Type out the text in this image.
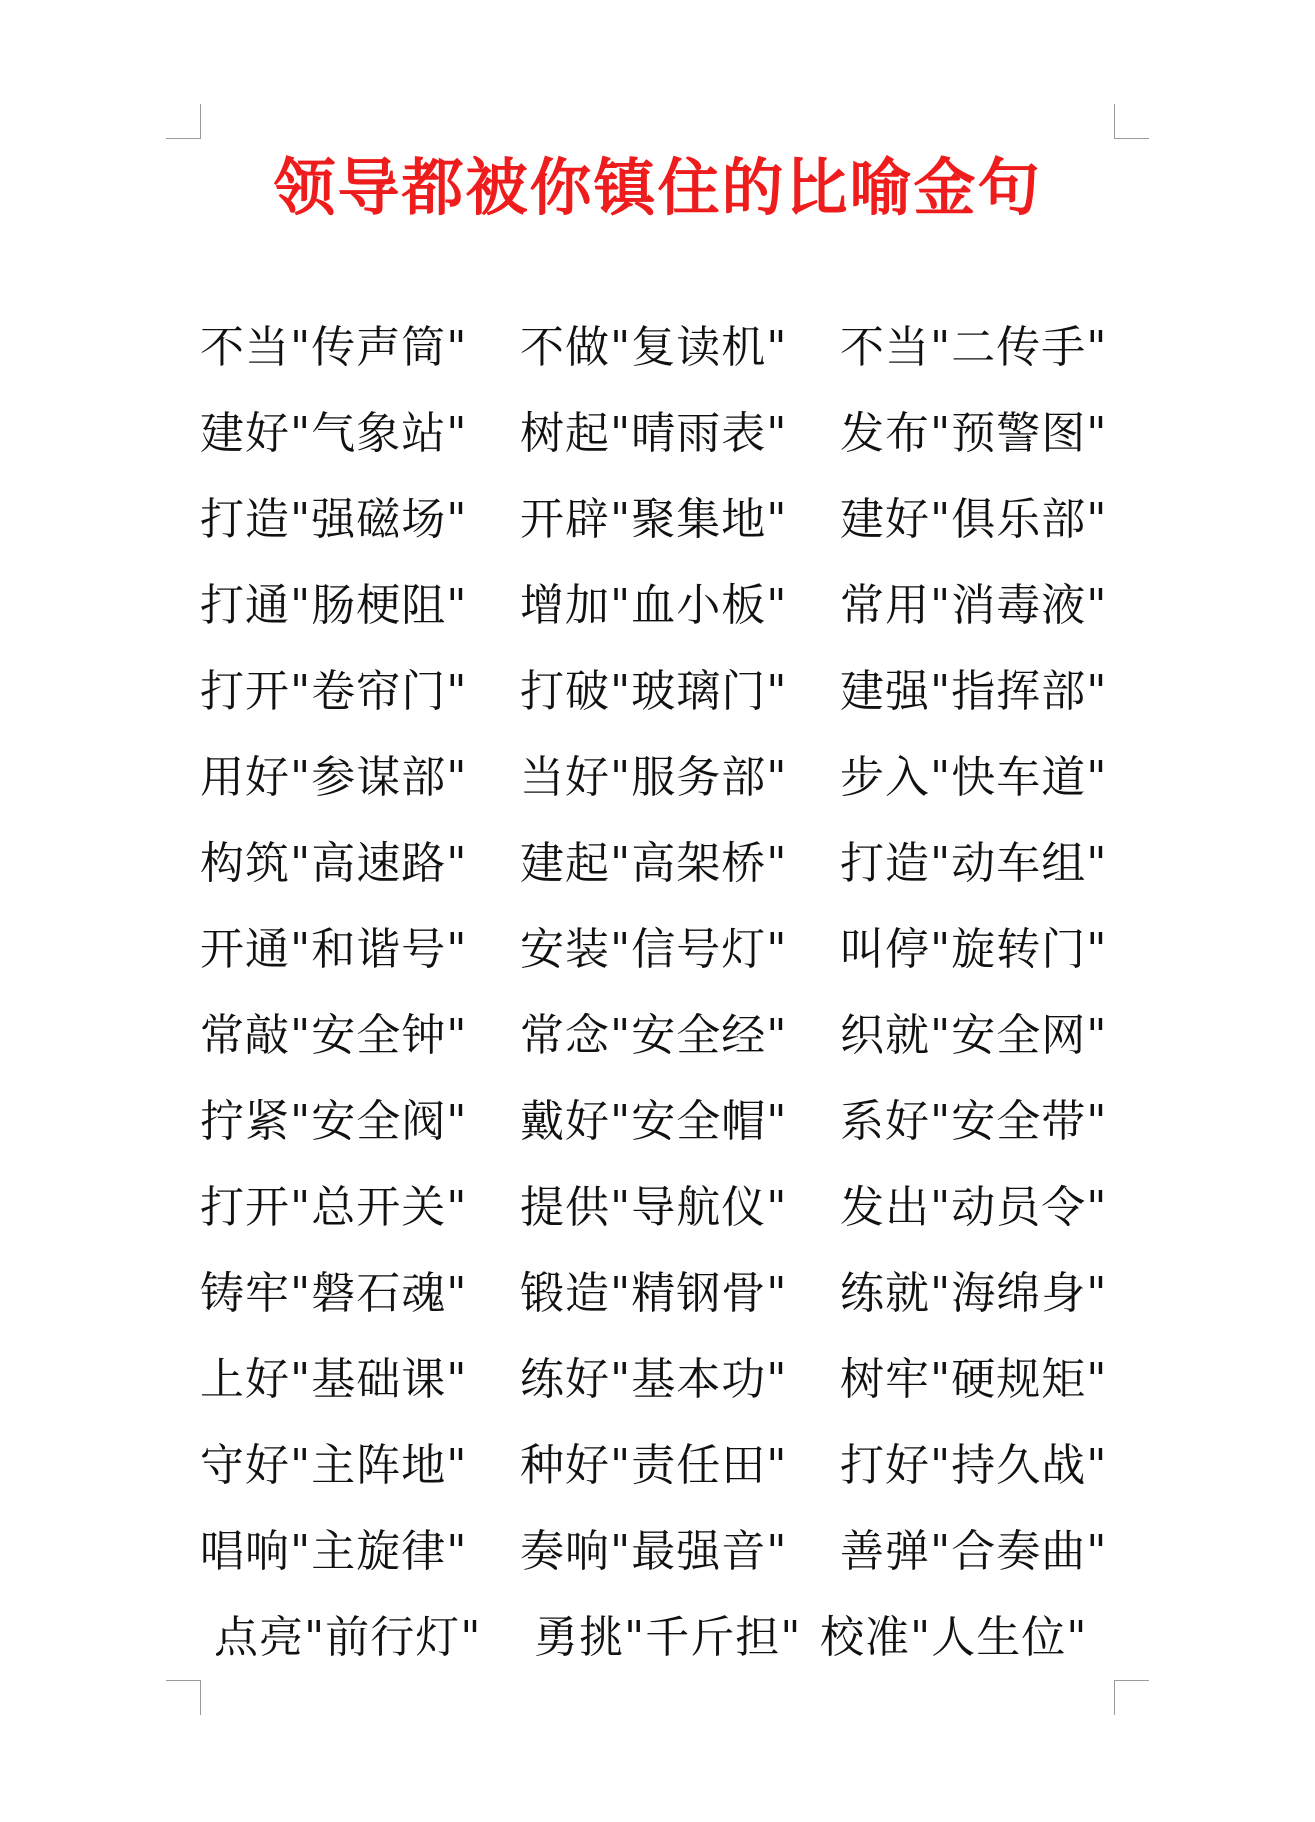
领导都被你镇住的比喻金句
不当"传声筒"	不做"复读机"	不当"二传手"
建好"气象站"	树起"晴雨表"	发布"预警图"
打造"强磁场"	开辟"聚集地"	建好"俱乐部"
打通"肠梗阻"	增加"血小板"	常用"消毒液"
打开"卷帘门"	打破"玻璃门"	建强"指挥部"
用好"参谋部"	当好"服务部"	步入"快车道"
构筑"高速路"	建起"高架桥"	打造"动车组"
开通"和谐号"	安装"信号灯"	叫停"旋转门"
常敲"安全钟"	常念"安全经"	织就"安全网"
拧紧"安全阀"	戴好"安全帽"	系好"安全带"
打开"总开关"	提供"导航仪"	发出"动员令"
铸牢"磐石魂"	锻造"精钢骨"	练就"海绵身"
上好"基础课"	练好"基本功"	树牢"硬规矩"
守好"主阵地"	种好"责任田"	打好"持久战"
唱响"主旋律"	奏响"最强音"	善弹"合奏曲"
点亮"前行灯"	勇挑"千斤担" 校准"人生位"
